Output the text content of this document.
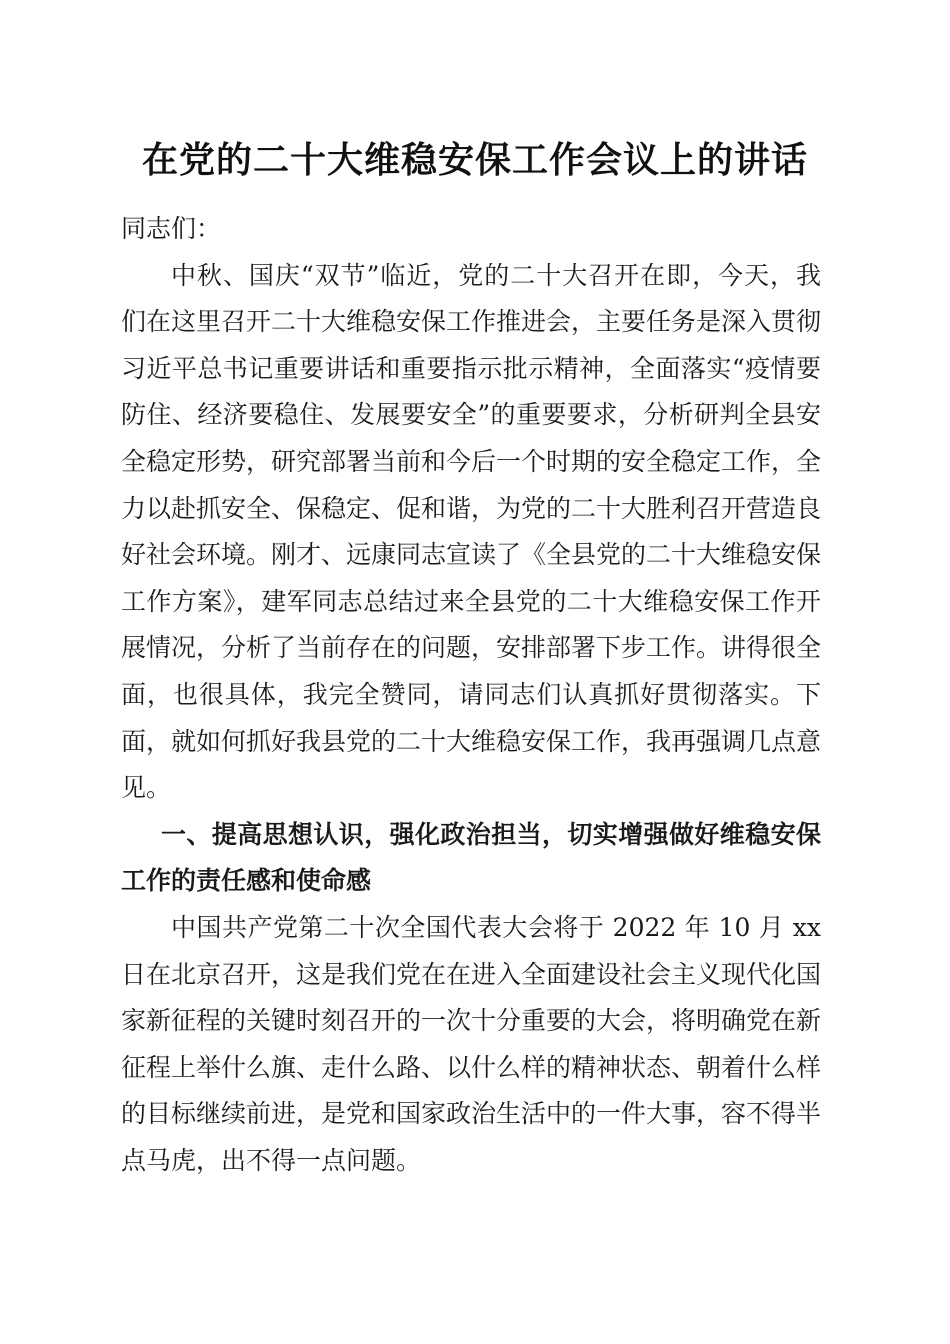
在党的二十大维稳安保工作会议上的讲话

同志们：

中秋、国庆“双节”临近，党的二十大召开在即，今天，我们在这里召开二十大维稳安保工作推进会，主要任务是深入贯彻习近平总书记重要讲话和重要指示批示精神，全面落实“疫情要防住、经济要稳住、发展要安全”的重要要求，分析研判全县安全稳定形势，研究部署当前和今后一个时期的安全稳定工作，全力以赴抓安全、保稳定、促和谐，为党的二十大胜利召开营造良好社会环境。刚才、远康同志宣读了《全县党的二十大维稳安保工作方案》，建军同志总结过来全县党的二十大维稳安保工作开展情况，分析了当前存在的问题，安排部署下步工作。讲得很全面，也很具体，我完全赞同，请同志们认真抓好贯彻落实。下面，就如何抓好我县党的二十大维稳安保工作，我再强调几点意见。

一、提高思想认识，强化政治担当，切实增强做好维稳安保工作的责任感和使命感

中国共产党第二十次全国代表大会将于 2022 年 10 月 xx 日在北京召开，这是我们党在在进入全面建设社会主义现代化国家新征程的关键时刻召开的一次十分重要的大会，将明确党在新征程上举什么旗、走什么路、以什么样的精神状态、朝着什么样的目标继续前进，是党和国家政治生活中的一件大事，容不得半点马虎，出不得一点问题。
